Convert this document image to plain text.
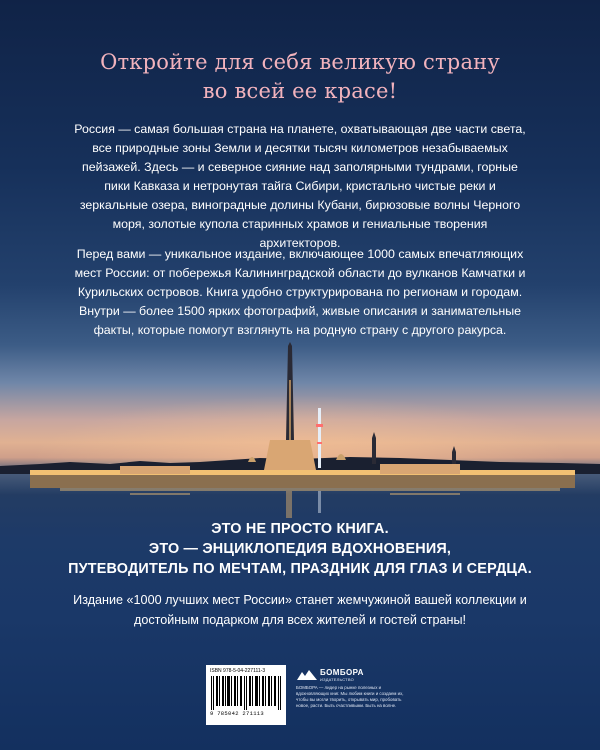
Откройте для себя великую страну
во всей ее красе!

Россия — самая большая страна на планете, охватывающая две части света, все природные зоны Земли и десятки тысяч километров незабываемых пейзажей. Здесь — и северное сияние над заполярными тундрами, горные пики Кавказа и нетронутая тайга Сибири, кристально чистые реки и зеркальные озера, виноградные долины Кубани, бирюзовые волны Черного моря, золотые купола старинных храмов и гениальные творения архитекторов.

Перед вами — уникальное издание, включающее 1000 самых впечатляющих мест России: от побережья Калининградской области до вулканов Камчатки и Курильских островов. Книга удобно структурирована по регионам и городам. Внутри — более 1500 ярких фотографий, живые описания и занимательные факты, которые помогут взглянуть на родную страну с другого ракурса.

ЭТО НЕ ПРОСТО КНИГА.
ЭТО — ЭНЦИКЛОПЕДИЯ ВДОХНОВЕНИЯ,
ПУТЕВОДИТЕЛЬ ПО МЕЧТАМ, ПРАЗДНИК ДЛЯ ГЛАЗ И СЕРДЦА.

Издание «1000 лучших мест России» станет жемчужиной вашей коллекции и достойным подарком для всех жителей и гостей страны!

ISBN 978-5-04-227111-3
9 785042 271113
БОМБОРА
ИЗДАТЕЛЬСТВО
БОМБОРА — лидер на рынке полезных и вдохновляющих книг. Мы любим книги и создаем их, чтобы вы могли творить, открывать мир, пробовать новое, расти. Быть счастливыми. Быть на волне.
